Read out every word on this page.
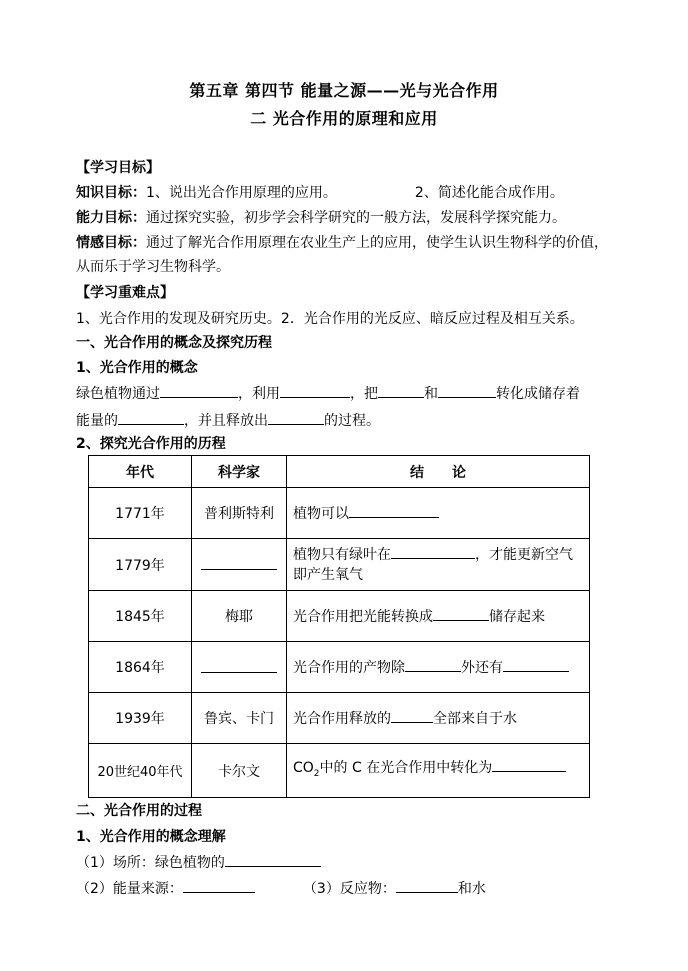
第五章 第四节 能量之源——光与光合作用
二 光合作用的原理和应用
【学习目标】
知识目标：1、说出光合作用原理的应用。	2、简述化能合成作用。
能力目标：通过探究实验，初步学会科学研究的一般方法，发展科学探究能力。
情感目标：通过了解光合作用原理在农业生产上的应用，使学生认识生物科学的价值，
从而乐于学习生物科学。
【学习重难点】
1、光合作用的发现及研究历史。2．光合作用的光反应、暗反应过程及相互关系。
一、光合作用的概念及探究历程
1、光合作用的概念
绿色植物通过	，利用	，把	和	转化成储存着
能量的	，并且释放出	的过程。
2、探究光合作用的历程
年代	科学家	结　　论
1771年	普利斯特利	植物可以
1779年		植物只有绿叶在 ，才能更新空气
即产生氧气
1845年	梅耶	光合作用把光能转换成 储存起来
1864年		光合作用的产物除 外还有
1939年	鲁宾、卡门	光合作用释放的 全部来自于水
20世纪40年代	卡尔文	$CO_2$中的 C 在光合作用中转化为
二、光合作用的过程
1、光合作用的概念理解
（1）场所：绿色植物的
（2）能量来源：	（3）反应物：	和水
